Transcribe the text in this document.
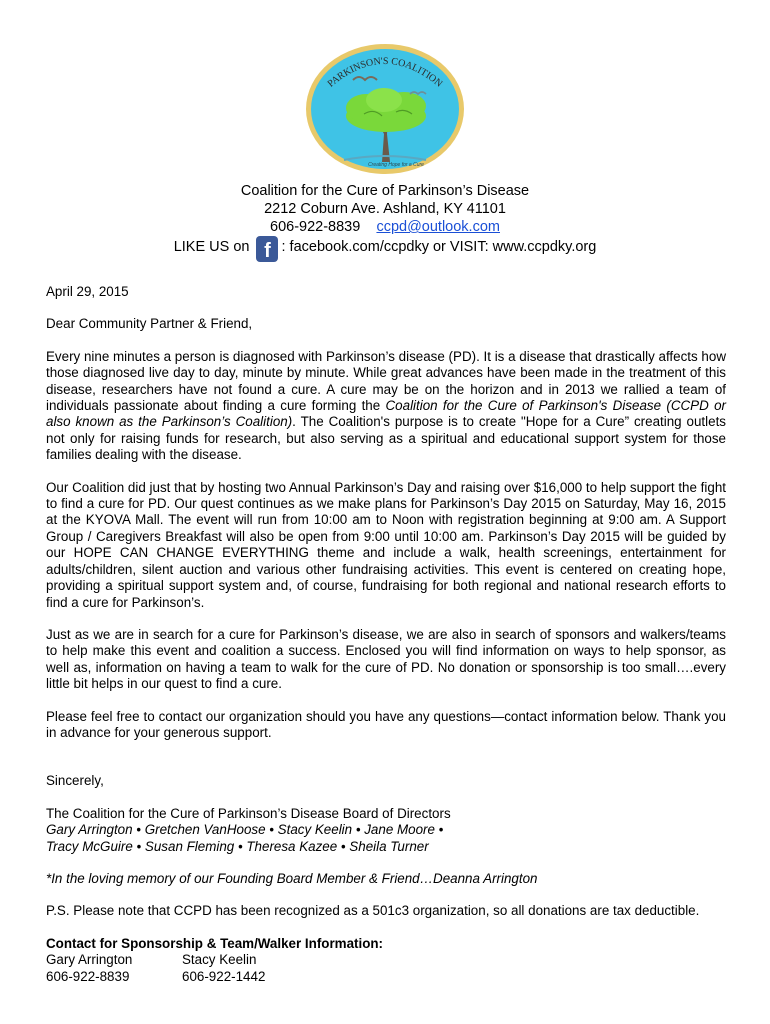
PARKINSON'S COALITION
Creating Hope for a Cure
Coalition for the Cure of Parkinson’s Disease
2212 Coburn Ave. Ashland, KY 41101
606-922-8839 ccpd@outlook.com
LIKE US on f : facebook.com/ccpdky or VISIT: www.ccpdky.org

April 29, 2015

Dear Community Partner & Friend,

Every nine minutes a person is diagnosed with Parkinson’s disease (PD). It is a disease that drastically affects how those diagnosed live day to day, minute by minute. While great advances have been made in the treatment of this disease, researchers have not found a cure. A cure may be on the horizon and in 2013 we rallied a team of individuals passionate about finding a cure forming the Coalition for the Cure of Parkinson's Disease (CCPD or also known as the Parkinson’s Coalition). The Coalition's purpose is to create "Hope for a Cure” creating outlets not only for raising funds for research, but also serving as a spiritual and educational support system for those families dealing with the disease.

Our Coalition did just that by hosting two Annual Parkinson’s Day and raising over $16,000 to help support the fight to find a cure for PD. Our quest continues as we make plans for Parkinson’s Day 2015 on Saturday, May 16, 2015 at the KYOVA Mall. The event will run from 10:00 am to Noon with registration beginning at 9:00 am. A Support Group / Caregivers Breakfast will also be open from 9:00 until 10:00 am. Parkinson’s Day 2015 will be guided by our HOPE CAN CHANGE EVERYTHING theme and include a walk, health screenings, entertainment for adults/children, silent auction and various other fundraising activities. This event is centered on creating hope, providing a spiritual support system and, of course, fundraising for both regional and national research efforts to find a cure for Parkinson’s.

Just as we are in search for a cure for Parkinson’s disease, we are also in search of sponsors and walkers/teams to help make this event and coalition a success. Enclosed you will find information on ways to help sponsor, as well as, information on having a team to walk for the cure of PD. No donation or sponsorship is too small….every little bit helps in our quest to find a cure.

Please feel free to contact our organization should you have any questions—contact information below. Thank you in advance for your generous support.

Sincerely,

The Coalition for the Cure of Parkinson’s Disease Board of Directors
Gary Arrington • Gretchen VanHoose • Stacy Keelin • Jane Moore •
Tracy McGuire • Susan Fleming • Theresa Kazee • Sheila Turner

*In the loving memory of our Founding Board Member & Friend…Deanna Arrington

P.S. Please note that CCPD has been recognized as a 501c3 organization, so all donations are tax deductible.

Contact for Sponsorship & Team/Walker Information:
Gary Arrington
606-922-8839
Stacy Keelin
606-922-1442
